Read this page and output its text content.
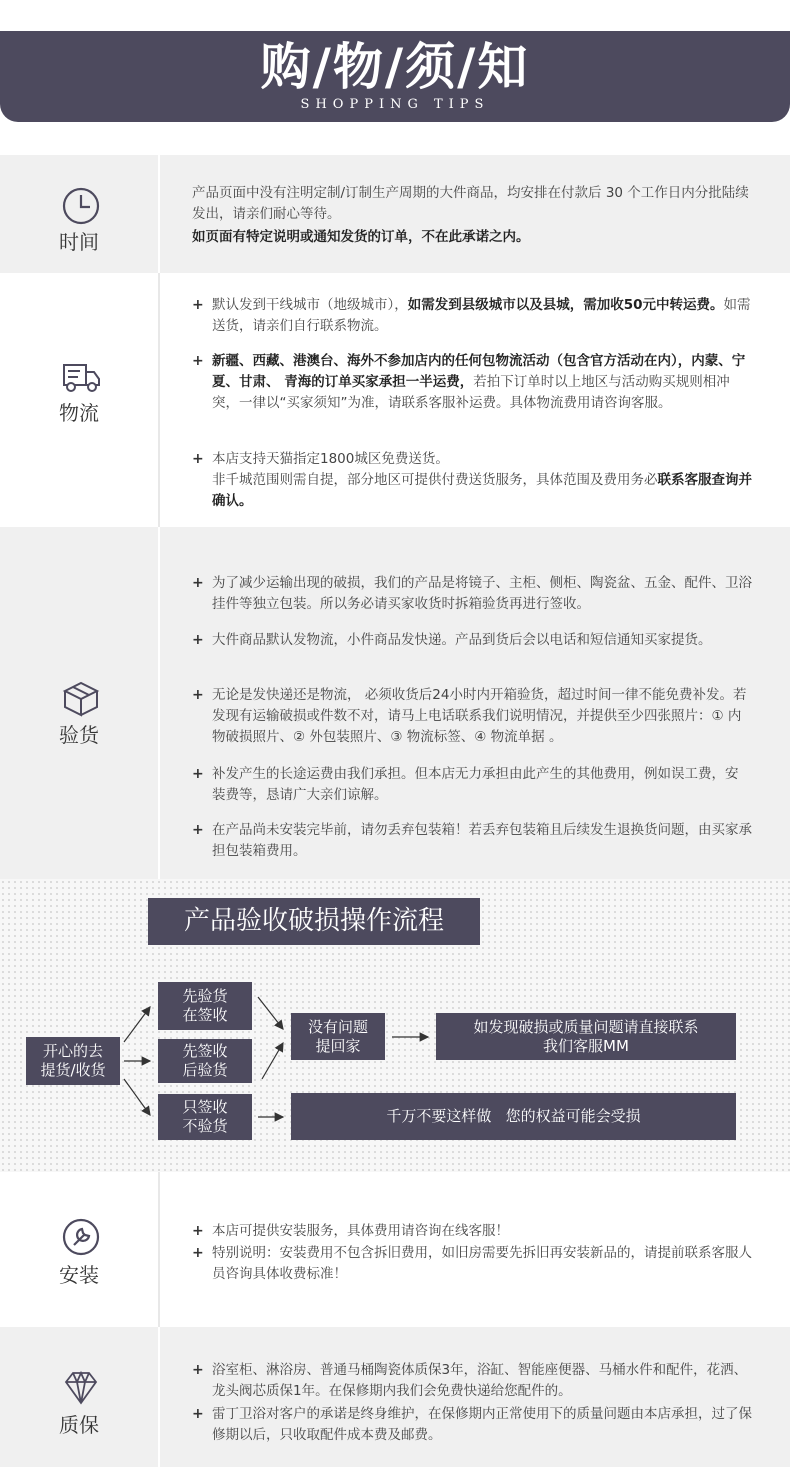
购/物/须/知
SHOPPING TIPS
时间
产品页面中没有注明定制/订制生产周期的大件商品，均安排在付款后 30 个工作日内分批陆续发出，请亲们耐心等待。
如页面有特定说明或通知发货的订单，不在此承诺之内。
物流
+ 默认发到干线城市（地级城市），如需发到县级城市以及县城，需加收50元中转运费。如需送货，请亲们自行联系物流。
+ 新疆、西藏、港澳台、海外不参加店内的任何包物流活动（包含官方活动在内），内蒙、宁夏、甘肃、 青海的订单买家承担一半运费，若拍下订单时以上地区与活动购买规则相冲突，一律以“买家须知”为准，请联系客服补运费。具体物流费用请咨询客服。
+ 本店支持天猫指定1800城区免费送货。
非千城范围则需自提，部分地区可提供付费送货服务，具体范围及费用务必联系客服查询并确认。
验货
+ 为了减少运输出现的破损，我们的产品是将镜子、主柜、侧柜、陶瓷盆、五金、配件、卫浴挂件等独立包装。所以务必请买家收货时拆箱验货再进行签收。
+ 大件商品默认发物流，小件商品发快递。产品到货后会以电话和短信通知买家提货。
+ 无论是发快递还是物流， 必须收货后24小时内开箱验货，超过时间一律不能免费补发。若发现有运输破损或件数不对，请马上电话联系我们说明情况，并提供至少四张照片：① 内物破损照片、② 外包装照片、③ 物流标签、④ 物流单据 。
+ 补发产生的长途运费由我们承担。但本店无力承担由此产生的其他费用，例如误工费，安 装费等，恳请广大亲们谅解。
+ 在产品尚未安装完毕前，请勿丢弃包装箱！若丢弃包装箱且后续发生退换货问题，由买家承担包装箱费用。
产品验收破损操作流程
开心的去
提货/收货
先验货
在签收
先签收
后验货
只签收
不验货
没有问题
提回家
如发现破损或质量问题请直接联系
我们客服MM
千万不要这样做   您的权益可能会受损
安装
+ 本店可提供安装服务，具体费用请咨询在线客服！
+ 特别说明：安装费用不包含拆旧费用，如旧房需要先拆旧再安装新品的，请提前联系客服人员咨询具体收费标准！
质保
+ 浴室柜、淋浴房、普通马桶陶瓷体质保3年，浴缸、智能座便器、马桶水件和配件，花洒、龙头阀芯质保1年。在保修期内我们会免费快递给您配件的。
+ 雷丁卫浴对客户的承诺是终身维护，在保修期内正常使用下的质量问题由本店承担，过了保修期以后，只收取配件成本费及邮费。
